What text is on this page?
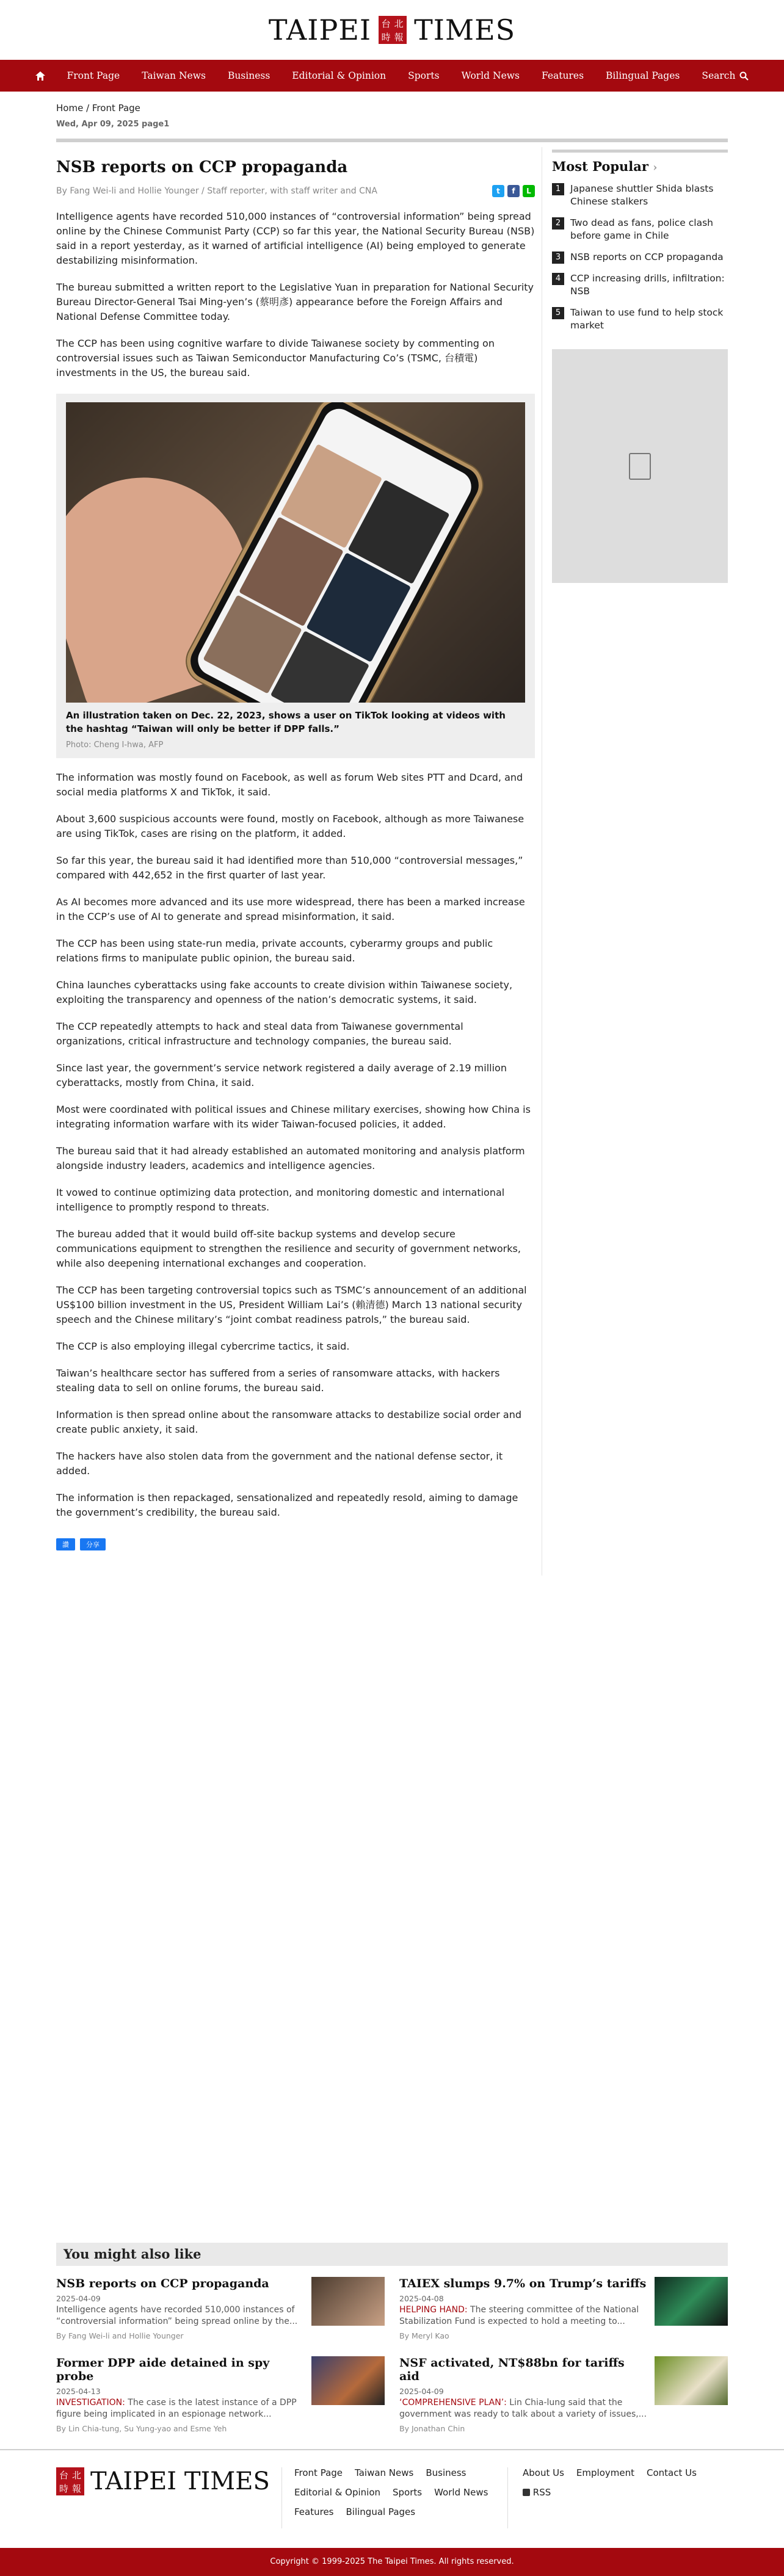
TAIPEI 台 北
時 報 TIMES
Front Page	Taiwan News	Business	Editorial & Opinion	Sports	World News	Features	Bilingual Pages	Search
Home / Front Page
Wed, Apr 09, 2025 page1
NSB reports on CCP propaganda
By Fang Wei-li and Hollie Younger / Staff reporter, with staff writer and CNA	t	f	L

Intelligence agents have recorded 510,000 instances of “controversial information” being spread online by the Chinese Communist Party (CCP) so far this year, the National Security Bureau (NSB) said in a report yesterday, as it warned of artificial intelligence (AI) being employed to generate destabilizing misinformation.

The bureau submitted a written report to the Legislative Yuan in preparation for National Security Bureau Director-General Tsai Ming-yen’s (蔡明彥) appearance before the Foreign Affairs and National Defense Committee today.

The CCP has been using cognitive warfare to divide Taiwanese society by commenting on controversial issues such as Taiwan Semiconductor Manufacturing Co’s (TSMC, 台積電) investments in the US, the bureau said.

An illustration taken on Dec. 22, 2023, shows a user on TikTok looking at videos with the hashtag “Taiwan will only be better if DPP falls.”
Photo: Cheng I-hwa, AFP

The information was mostly found on Facebook, as well as forum Web sites PTT and Dcard, and social media platforms X and TikTok, it said.

About 3,600 suspicious accounts were found, mostly on Facebook, although as more Taiwanese are using TikTok, cases are rising on the platform, it added.

So far this year, the bureau said it had identified more than 510,000 “controversial messages,” compared with 442,652 in the first quarter of last year.

As AI becomes more advanced and its use more widespread, there has been a marked increase in the CCP’s use of AI to generate and spread misinformation, it said.

The CCP has been using state-run media, private accounts, cyberarmy groups and public relations firms to manipulate public opinion, the bureau said.

China launches cyberattacks using fake accounts to create division within Taiwanese society, exploiting the transparency and openness of the nation’s democratic systems, it said.

The CCP repeatedly attempts to hack and steal data from Taiwanese governmental organizations, critical infrastructure and technology companies, the bureau said.

Since last year, the government’s service network registered a daily average of 2.19 million cyberattacks, mostly from China, it said.

Most were coordinated with political issues and Chinese military exercises, showing how China is integrating information warfare with its wider Taiwan-focused policies, it added.

The bureau said that it had already established an automated monitoring and analysis platform alongside industry leaders, academics and intelligence agencies.

It vowed to continue optimizing data protection, and monitoring domestic and international intelligence to promptly respond to threats.

The bureau added that it would build off-site backup systems and develop secure communications equipment to strengthen the resilience and security of government networks, while also deepening international exchanges and cooperation.

The CCP has been targeting controversial topics such as TSMC’s announcement of an additional US$100 billion investment in the US, President William Lai’s (賴清德) March 13 national security speech and the Chinese military’s “joint combat readiness patrols,” the bureau said.

The CCP is also employing illegal cybercrime tactics, it said.

Taiwan’s healthcare sector has suffered from a series of ransomware attacks, with hackers stealing data to sell on online forums, the bureau said.

Information is then spread online about the ransomware attacks to destabilize social order and create public anxiety, it said.

The hackers have also stolen data from the government and the national defense sector, it added.

The information is then repackaged, sensationalized and repeatedly resold, aiming to damage the government’s credibility, the bureau said.

讚	分享
Most Popular ›
1	Japanese shuttler Shida blasts Chinese stalkers
2	Two dead as fans, police clash before game in Chile
3	NSB reports on CCP propaganda
4	CCP increasing drills, infiltration: NSB
5	Taiwan to use fund to help stock market
You might also like
NSB reports on CCP propaganda
2025-04-09
Intelligence agents have recorded 510,000 instances of “controversial information” being spread online by the...
By Fang Wei-li and Hollie Younger
TAIEX slumps 9.7% on Trump’s tariffs
2025-04-08
HELPING HAND: The steering committee of the National Stabilization Fund is expected to hold a meeting to...
By Meryl Kao
Former DPP aide detained in spy probe
2025-04-13
INVESTIGATION: The case is the latest instance of a DPP figure being implicated in an espionage network...
By Lin Chia-tung, Su Yung-yao and Esme Yeh
NSF activated, NT$88bn for tariffs aid
2025-04-09
‘COMPREHENSIVE PLAN’: Lin Chia-lung said that the government was ready to talk about a variety of issues,...
By Jonathan Chin
台 北
時 報 TAIPEI TIMES	Front Page Taiwan News Business
Editorial & Opinion Sports World News
Features Bilingual Pages
About Us Employment Contact Us
RSS
Copyright © 1999-2025 The Taipei Times. All rights reserved.
